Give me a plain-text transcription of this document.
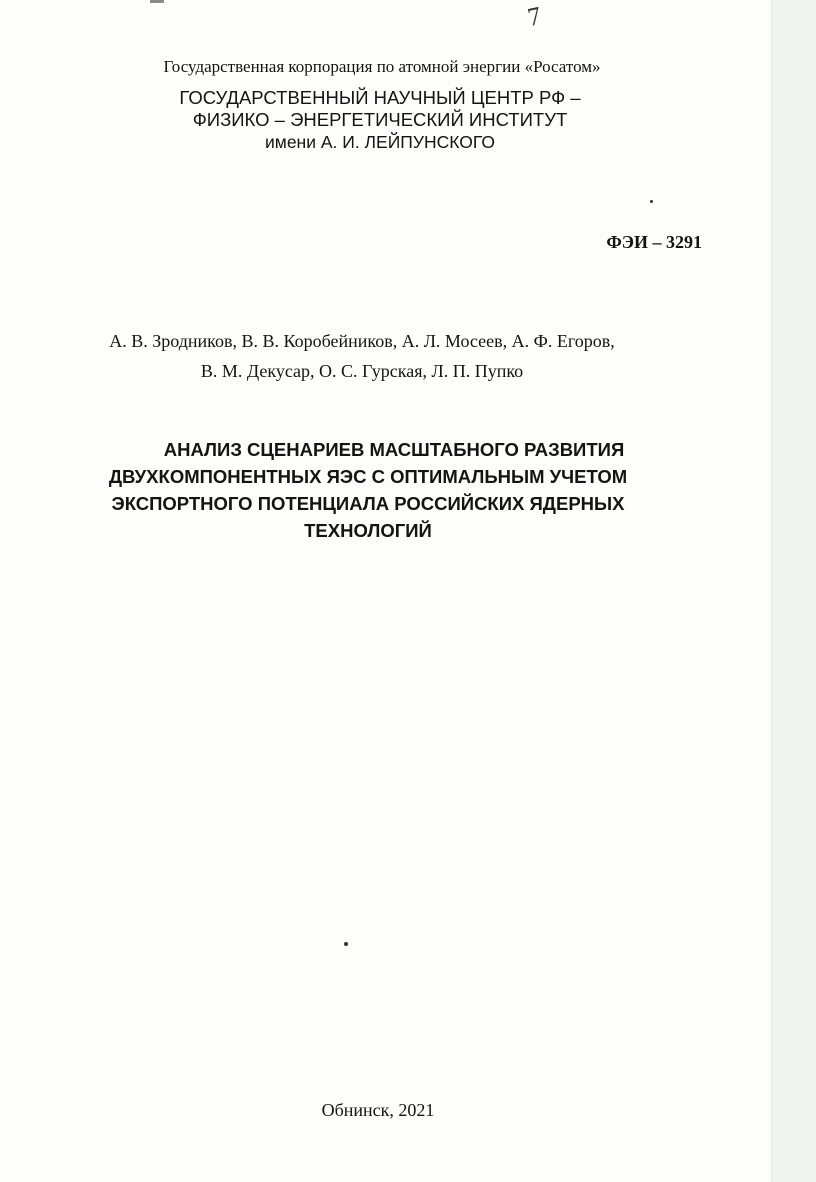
7
Государственная корпорация по атомной энергии «Росатом»
ГОСУДАРСТВЕННЫЙ НАУЧНЫЙ ЦЕНТР РФ –
ФИЗИКО – ЭНЕРГЕТИЧЕСКИЙ ИНСТИТУТ
имени А. И. ЛЕЙПУНСКОГО
ФЭИ – 3291
А. В. Зродников, В. В. Коробейников, А. Л. Мосеев, А. Ф. Егоров,
В. М. Декусар, О. С. Гурская, Л. П. Пупко
АНАЛИЗ СЦЕНАРИЕВ МАСШТАБНОГО РАЗВИТИЯ
ДВУХКОМПОНЕНТНЫХ ЯЭС С ОПТИМАЛЬНЫМ УЧЕТОМ
ЭКСПОРТНОГО ПОТЕНЦИАЛА РОССИЙСКИХ ЯДЕРНЫХ
ТЕХНОЛОГИЙ
Обнинск, 2021
